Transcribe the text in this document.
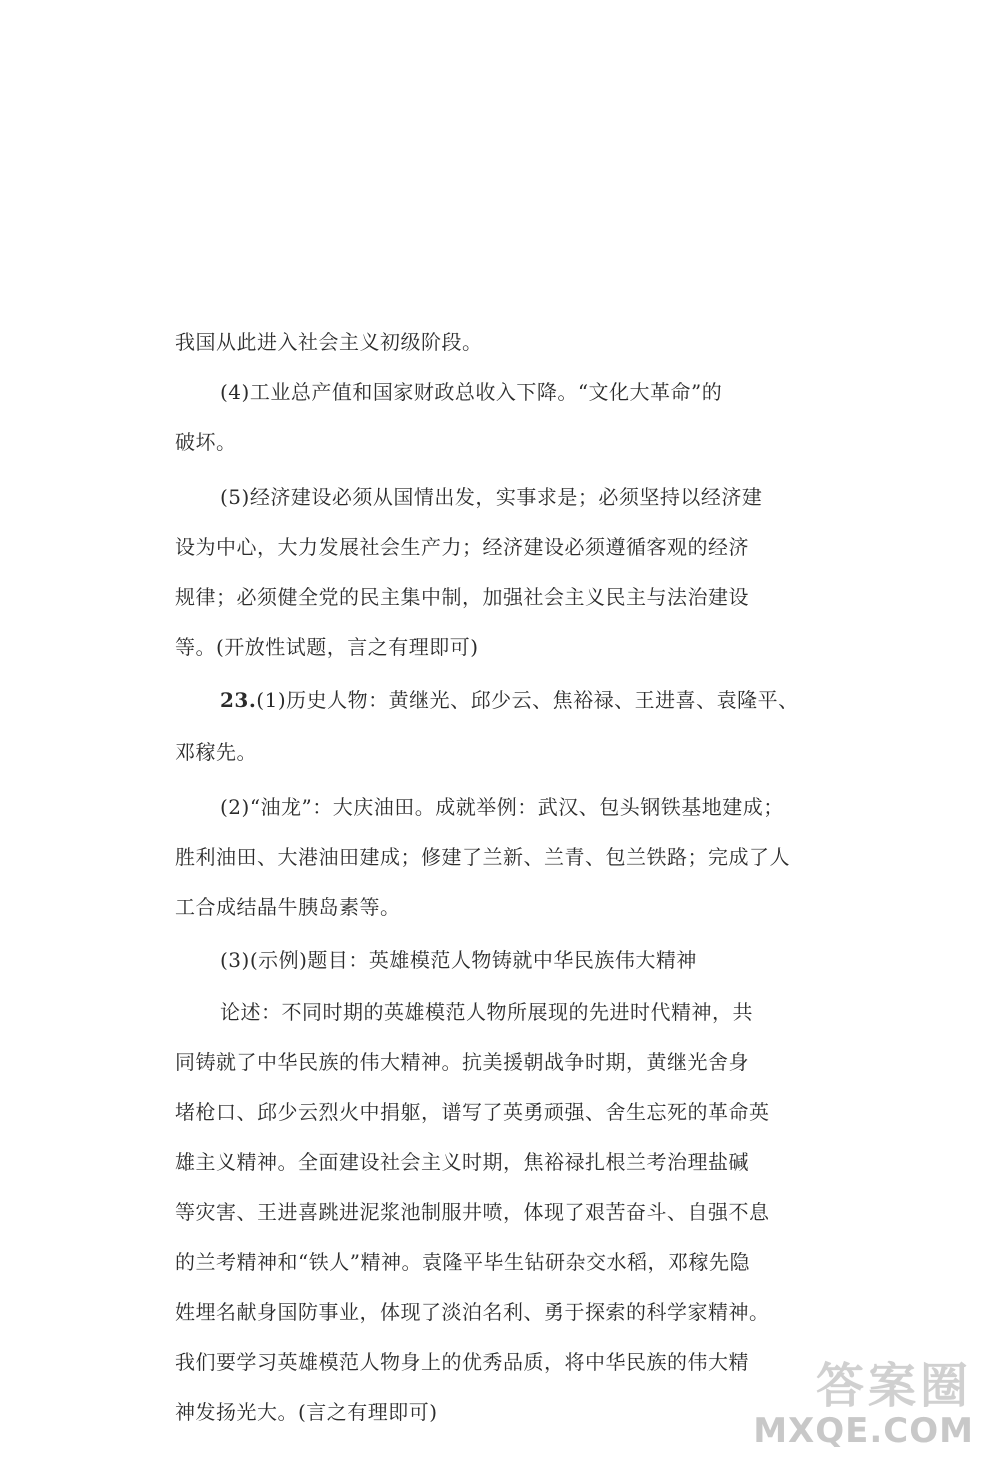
我国从此进入社会主义初级阶段。
(4)工业总产值和国家财政总收入下降。“文化大革命”的
破坏。
(5)经济建设必须从国情出发，实事求是；必须坚持以经济建
设为中心，大力发展社会生产力；经济建设必须遵循客观的经济
规律；必须健全党的民主集中制，加强社会主义民主与法治建设
等。(开放性试题，言之有理即可)
23.(1)历史人物：黄继光、邱少云、焦裕禄、王进喜、袁隆平、
邓稼先。
(2)“油龙”：大庆油田。成就举例：武汉、包头钢铁基地建成；
胜利油田、大港油田建成；修建了兰新、兰青、包兰铁路；完成了人
工合成结晶牛胰岛素等。
(3)(示例)题目：英雄模范人物铸就中华民族伟大精神
论述：不同时期的英雄模范人物所展现的先进时代精神，共
同铸就了中华民族的伟大精神。抗美援朝战争时期，黄继光舍身
堵枪口、邱少云烈火中捐躯，谱写了英勇顽强、舍生忘死的革命英
雄主义精神。全面建设社会主义时期，焦裕禄扎根兰考治理盐碱
等灾害、王进喜跳进泥浆池制服井喷，体现了艰苦奋斗、自强不息
的兰考精神和“铁人”精神。袁隆平毕生钻研杂交水稻，邓稼先隐
姓埋名献身国防事业，体现了淡泊名利、勇于探索的科学家精神。
我们要学习英雄模范人物身上的优秀品质，将中华民族的伟大精
神发扬光大。(言之有理即可)	答案圈
MXQE.COM
